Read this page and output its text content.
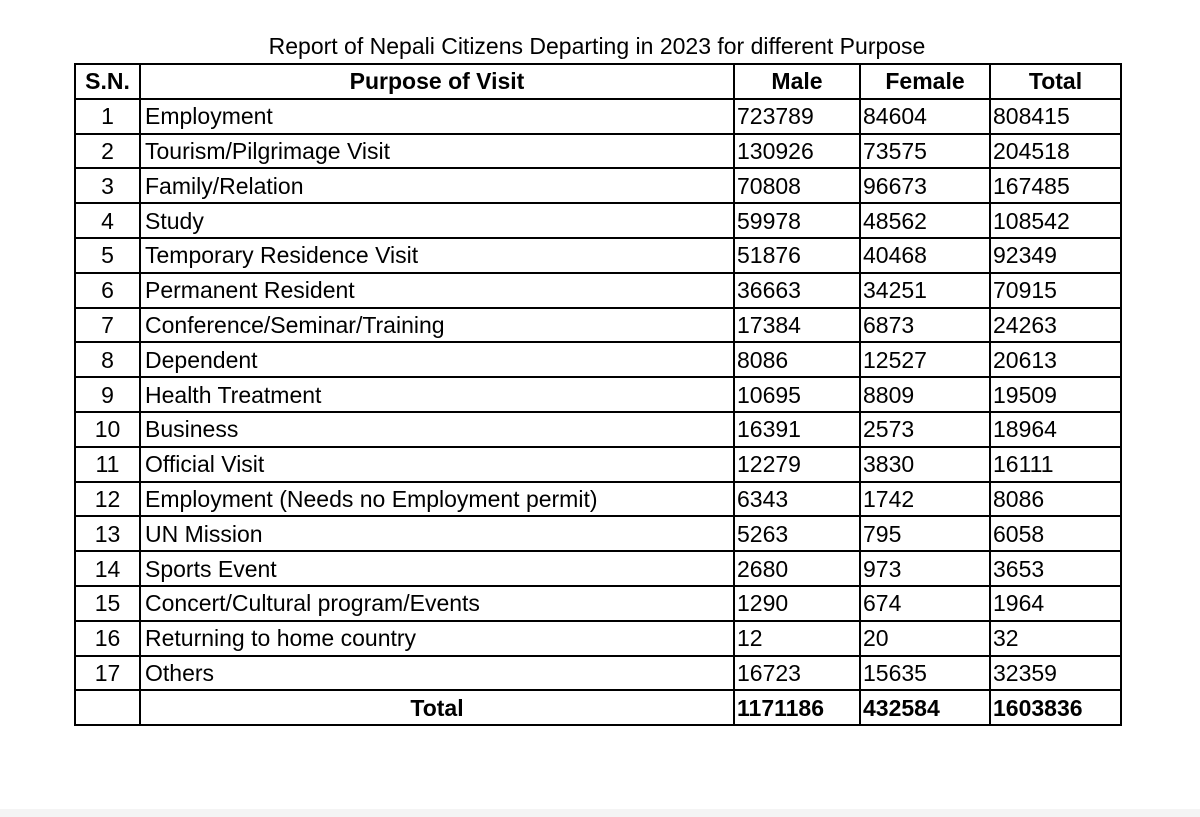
Report of Nepali Citizens Departing in 2023 for different Purpose
S.N.	Purpose of Visit	Male	Female	Total
1	Employment	723789	84604	808415
2	Tourism/Pilgrimage Visit	130926	73575	204518
3	Family/Relation	70808	96673	167485
4	Study	59978	48562	108542
5	Temporary Residence Visit	51876	40468	92349
6	Permanent Resident	36663	34251	70915
7	Conference/Seminar/Training	17384	6873	24263
8	Dependent	8086	12527	20613
9	Health Treatment	10695	8809	19509
10	Business	16391	2573	18964
11	Official Visit	12279	3830	16111
12	Employment (Needs no Employment permit)	6343	1742	8086
13	UN Mission	5263	795	6058
14	Sports Event	2680	973	3653
15	Concert/Cultural program/Events	1290	674	1964
16	Returning to home country	12	20	32
17	Others	16723	15635	32359
	Total	1171186	432584	1603836
